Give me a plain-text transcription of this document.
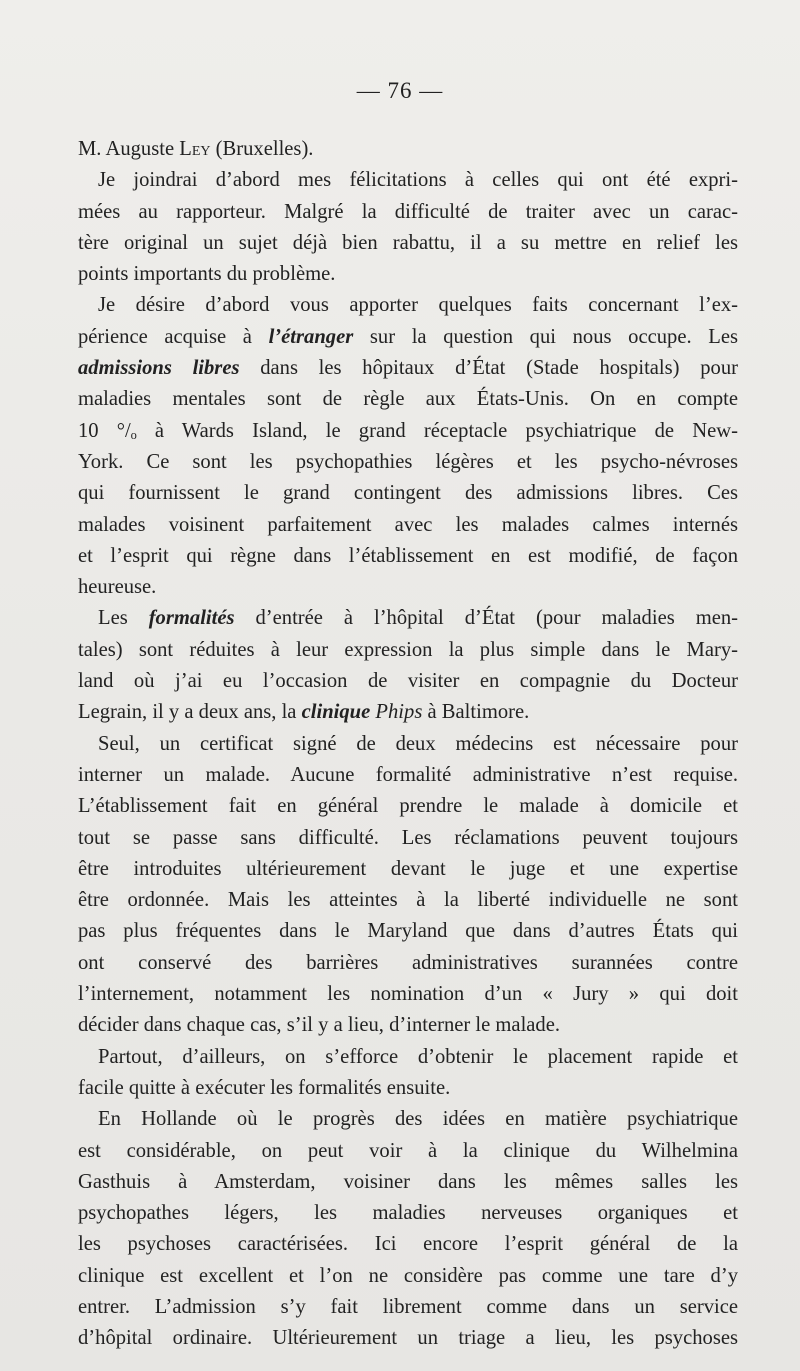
— 76 —
M. Auguste Ley (Bruxelles).
Je joindrai d’abord mes félicitations à celles qui ont été expri-
mées au rapporteur. Malgré la difficulté de traiter avec un carac-
tère original un sujet déjà bien rabattu, il a su mettre en relief les
points importants du problème.
Je désire d’abord vous apporter quelques faits concernant l’ex-
périence acquise à l’étranger sur la question qui nous occupe. Les
admissions libres dans les hôpitaux d’État (Stade hospitals) pour
maladies mentales sont de règle aux États-Unis. On en compte
10 °/ₒ à Wards Island, le grand réceptacle psychiatrique de New-
York. Ce sont les psychopathies légères et les psycho-névroses
qui fournissent le grand contingent des admissions libres. Ces
malades voisinent parfaitement avec les malades calmes internés
et l’esprit qui règne dans l’établissement en est modifié, de façon
heureuse.
Les formalités d’entrée à l’hôpital d’État (pour maladies men-
tales) sont réduites à leur expression la plus simple dans le Mary-
land où j’ai eu l’occasion de visiter en compagnie du Docteur
Legrain, il y a deux ans, la clinique Phips à Baltimore.
Seul, un certificat signé de deux médecins est nécessaire pour
interner un malade. Aucune formalité administrative n’est requise.
L’établissement fait en général prendre le malade à domicile et
tout se passe sans difficulté. Les réclamations peuvent toujours
être introduites ultérieurement devant le juge et une expertise
être ordonnée. Mais les atteintes à la liberté individuelle ne sont
pas plus fréquentes dans le Maryland que dans d’autres États qui
ont conservé des barrières administratives surannées contre
l’internement, notamment les nomination d’un « Jury » qui doit
décider dans chaque cas, s’il y a lieu, d’interner le malade.
Partout, d’ailleurs, on s’efforce d’obtenir le placement rapide et
facile quitte à exécuter les formalités ensuite.
En Hollande où le progrès des idées en matière psychiatrique
est considérable, on peut voir à la clinique du Wilhelmina
Gasthuis à Amsterdam, voisiner dans les mêmes salles les
psychopathes légers, les maladies nerveuses organiques et
les psychoses caractérisées. Ici encore l’esprit général de la
clinique est excellent et l’on ne considère pas comme une tare d’y
entrer. L’admission s’y fait librement comme dans un service
d’hôpital ordinaire. Ultérieurement un triage a lieu, les psychoses
